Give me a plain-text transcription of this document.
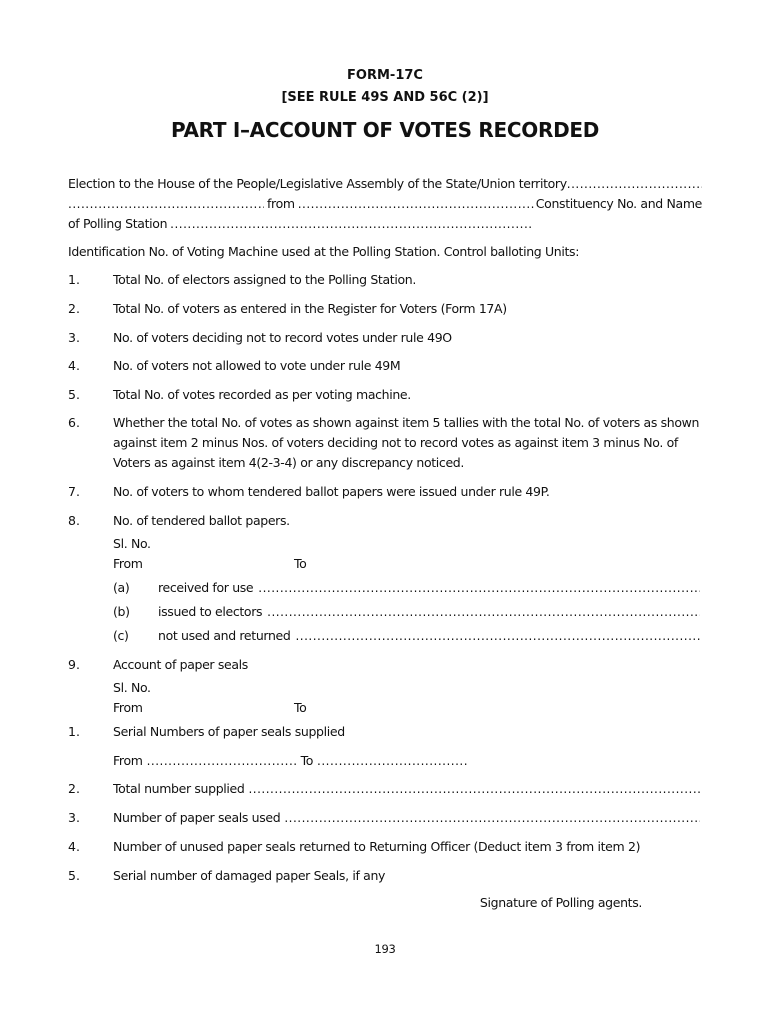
FORM-17C
[SEE RULE 49S AND 56C (2)]
PART I–ACCOUNT OF VOTES RECORDED
Election to the House of the People/Legislative Assembly of the State/Union territory
.....
.....
from .....	Constituency No. and Name
of Polling Station
.....
Identification No. of Voting Machine used at the Polling Station. Control balloting Units:
1.	Total No. of electors assigned to the Polling Station.
2.	Total No. of voters as entered in the Register for Voters (Form 17A)
3.	No. of voters deciding not to record votes under rule 49O
4.	No. of voters not allowed to vote under rule 49M
5.	Total No. of votes recorded as per voting machine.
6.	Whether the total No. of votes as shown against item 5 tallies with the total No. of voters as shown
against item 2 minus Nos. of voters deciding not to record votes as against item 3 minus No. of
Voters as against item 4(2-3-4) or any discrepancy noticed.
7.	No. of voters to whom tendered ballot papers were issued under rule 49P.
8.	No. of tendered ballot papers.
Sl. No.
From	To
(a) received for use
.....
(b) issued to electors
.....
(c) not used and returned
.....
9.	Account of paper seals
Sl. No.
From	To
1.	Serial Numbers of paper seals supplied
From .....	To
.....
2.	Total number supplied
.....
3.	Number of paper seals used
.....
4.	Number of unused paper seals returned to Returning Officer (Deduct item 3 from item 2)
5.	Serial number of damaged paper Seals, if any
Signature of Polling agents.
193
